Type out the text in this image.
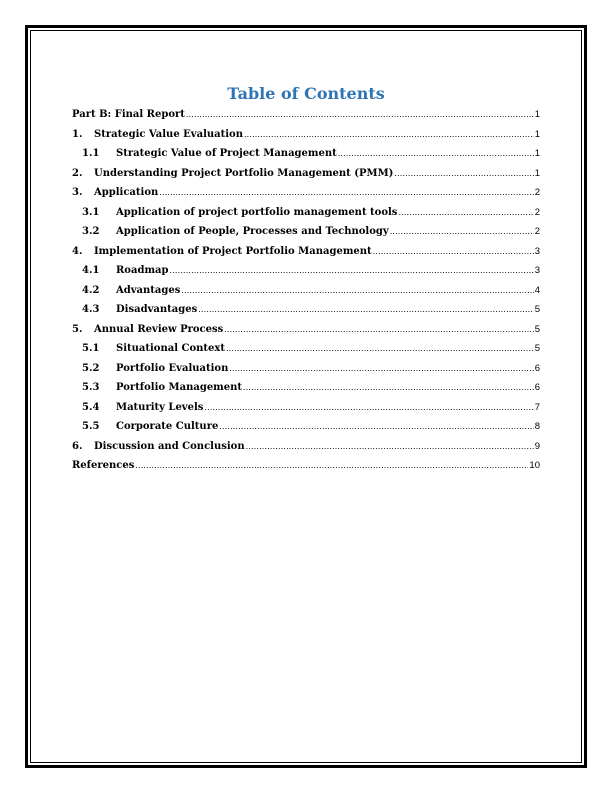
Table of Contents
Part B: Final Report .....	1
1.	Strategic Value Evaluation .....	1
1.1	Strategic Value of Project Management .....	1
2.	Understanding Project Portfolio Management (PMM) .....	1
3.	Application .....	2
3.1	Application of project portfolio management tools .....	2
3.2	Application of People, Processes and Technology .....	2
4.	Implementation of Project Portfolio Management .....	3
4.1	Roadmap .....	3
4.2	Advantages .....	4
4.3	Disadvantages .....	5
5.	Annual Review Process .....	5
5.1	Situational Context .....	5
5.2	Portfolio Evaluation .....	6
5.3	Portfolio Management .....	6
5.4	Maturity Levels .....	7
5.5	Corporate Culture .....	8
6.	Discussion and Conclusion .....	9
References .....	10
